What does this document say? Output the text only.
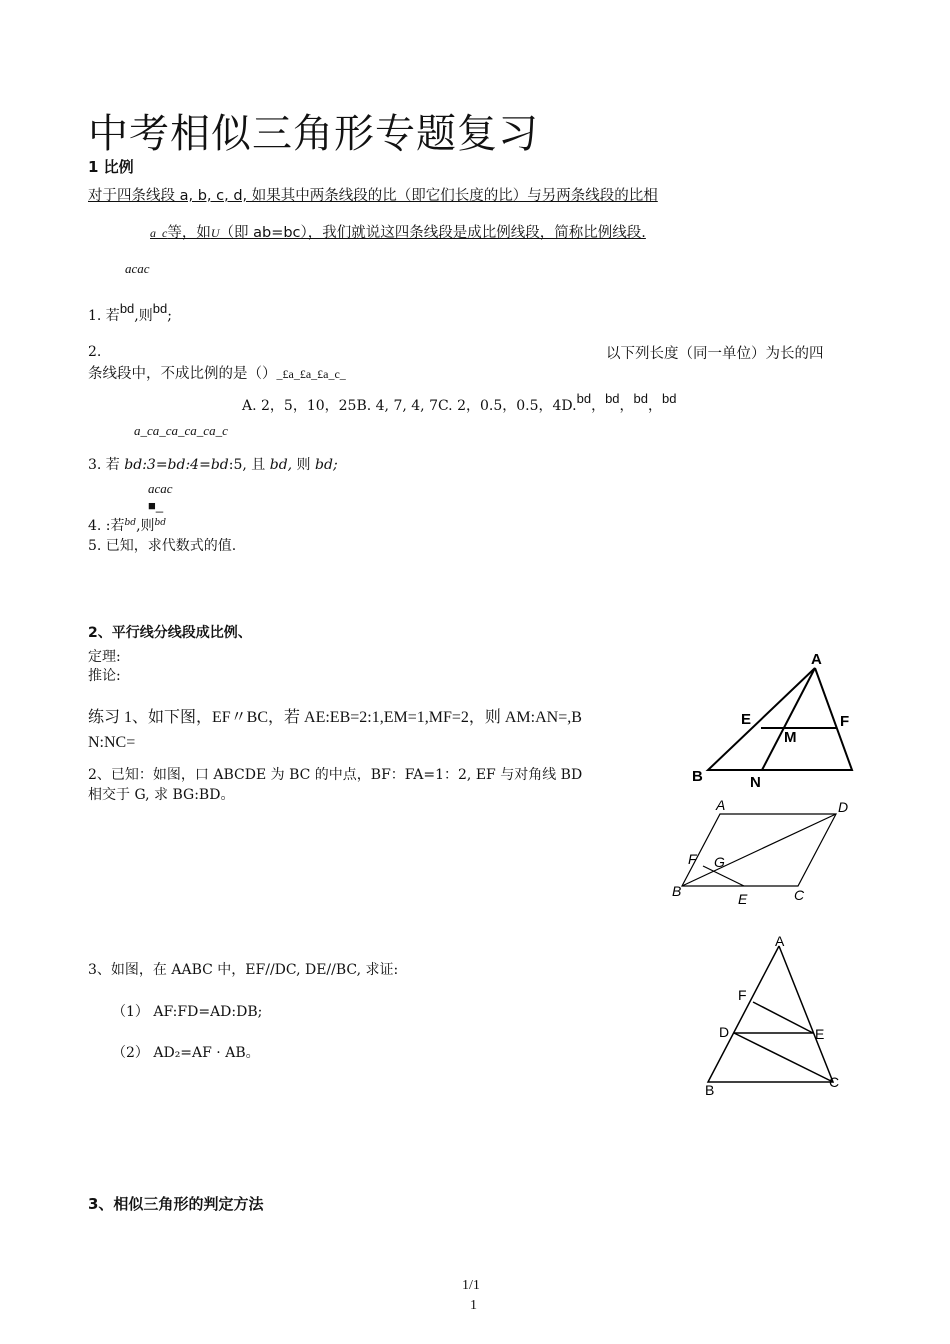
中考相似三角形专题复习
1 比例
对于四条线段 a, b, c, d, 如果其中两条线段的比（即它们长度的比）与另两条线段的比相
a_c等，如U（即 ab=bc），我们就说这四条线段是成比例线段，简称比例线段.
acac
1. 若bd,则bd;
2.	以下列长度（同一单位）为长的四
条线段中，不成比例的是（）_£a_£a_£a_c_
A. 2，5，10，25B. 4, 7, 4, 7C. 2，0.5，0.5，4D.bd，bd，bd，bd
a_ca_ca_ca_ca_c
3. 若 bd:3=bd:4=bd:5, 且 bd, 则 bd;
acac
■_
4. :若$^{bd}$,则$^{bd}$
5. 已知，求代数式的值.
2、平行线分线段成比例、
定理:
推论:
练习 1、如下图，EF〃BC，若 AE:EB=2:1,EM=1,MF=2，则 AM:AN=,B
N:NC=
2、已知：如图，口 ABCDE 为 BC 的中点，BF：FA=1：2, EF 与对角线 BD
相交于 G, 求 BG:BD。
3、如图，在 AABC 中，EF//DC, DE//BC, 求证:
（1） AF:FD=AD:DB;
（2） AD₂=AF · AB。
3、相似三角形的判定方法
1/1
1
A
E	F
M
B	N
A	D
F G
B	E	C
A
F
D	E
B	C
